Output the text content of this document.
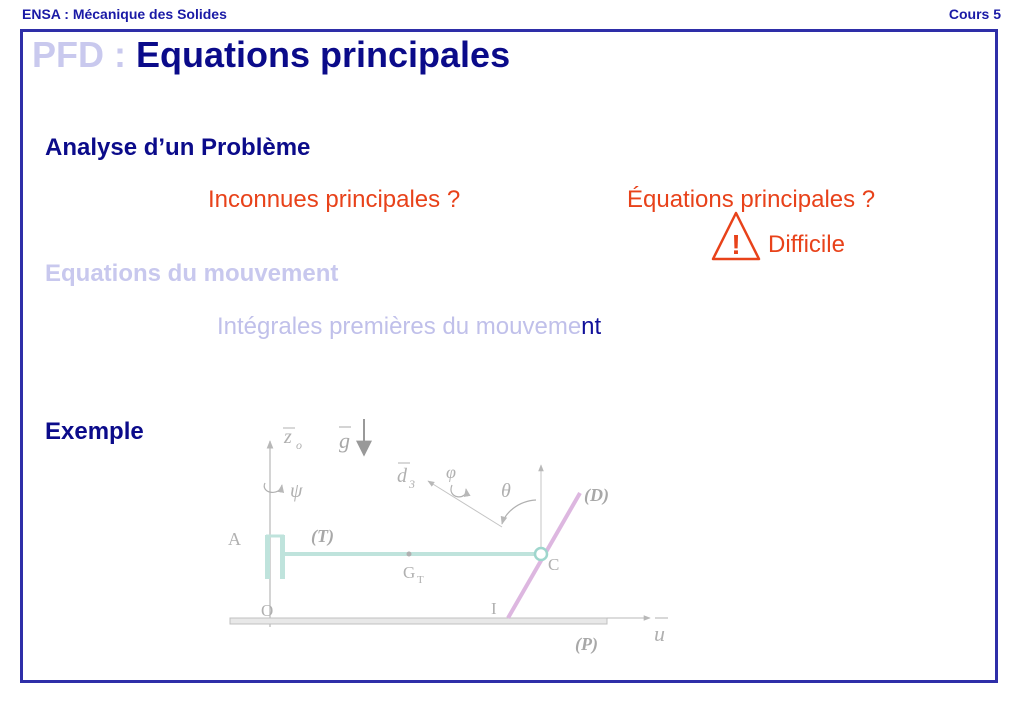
ENSA : Mécanique des Solides	Cours 5
PFD : Equations principales
Analyse d’un Problème
Inconnues principales ?	Équations principales ?
! Difficile
Equations du mouvement
Intégrales premières du mouvement
Exemple	z o g
ψ
d 3
φ
θ
u
(P)
(T)
A
G T
O
(D)
C
I
